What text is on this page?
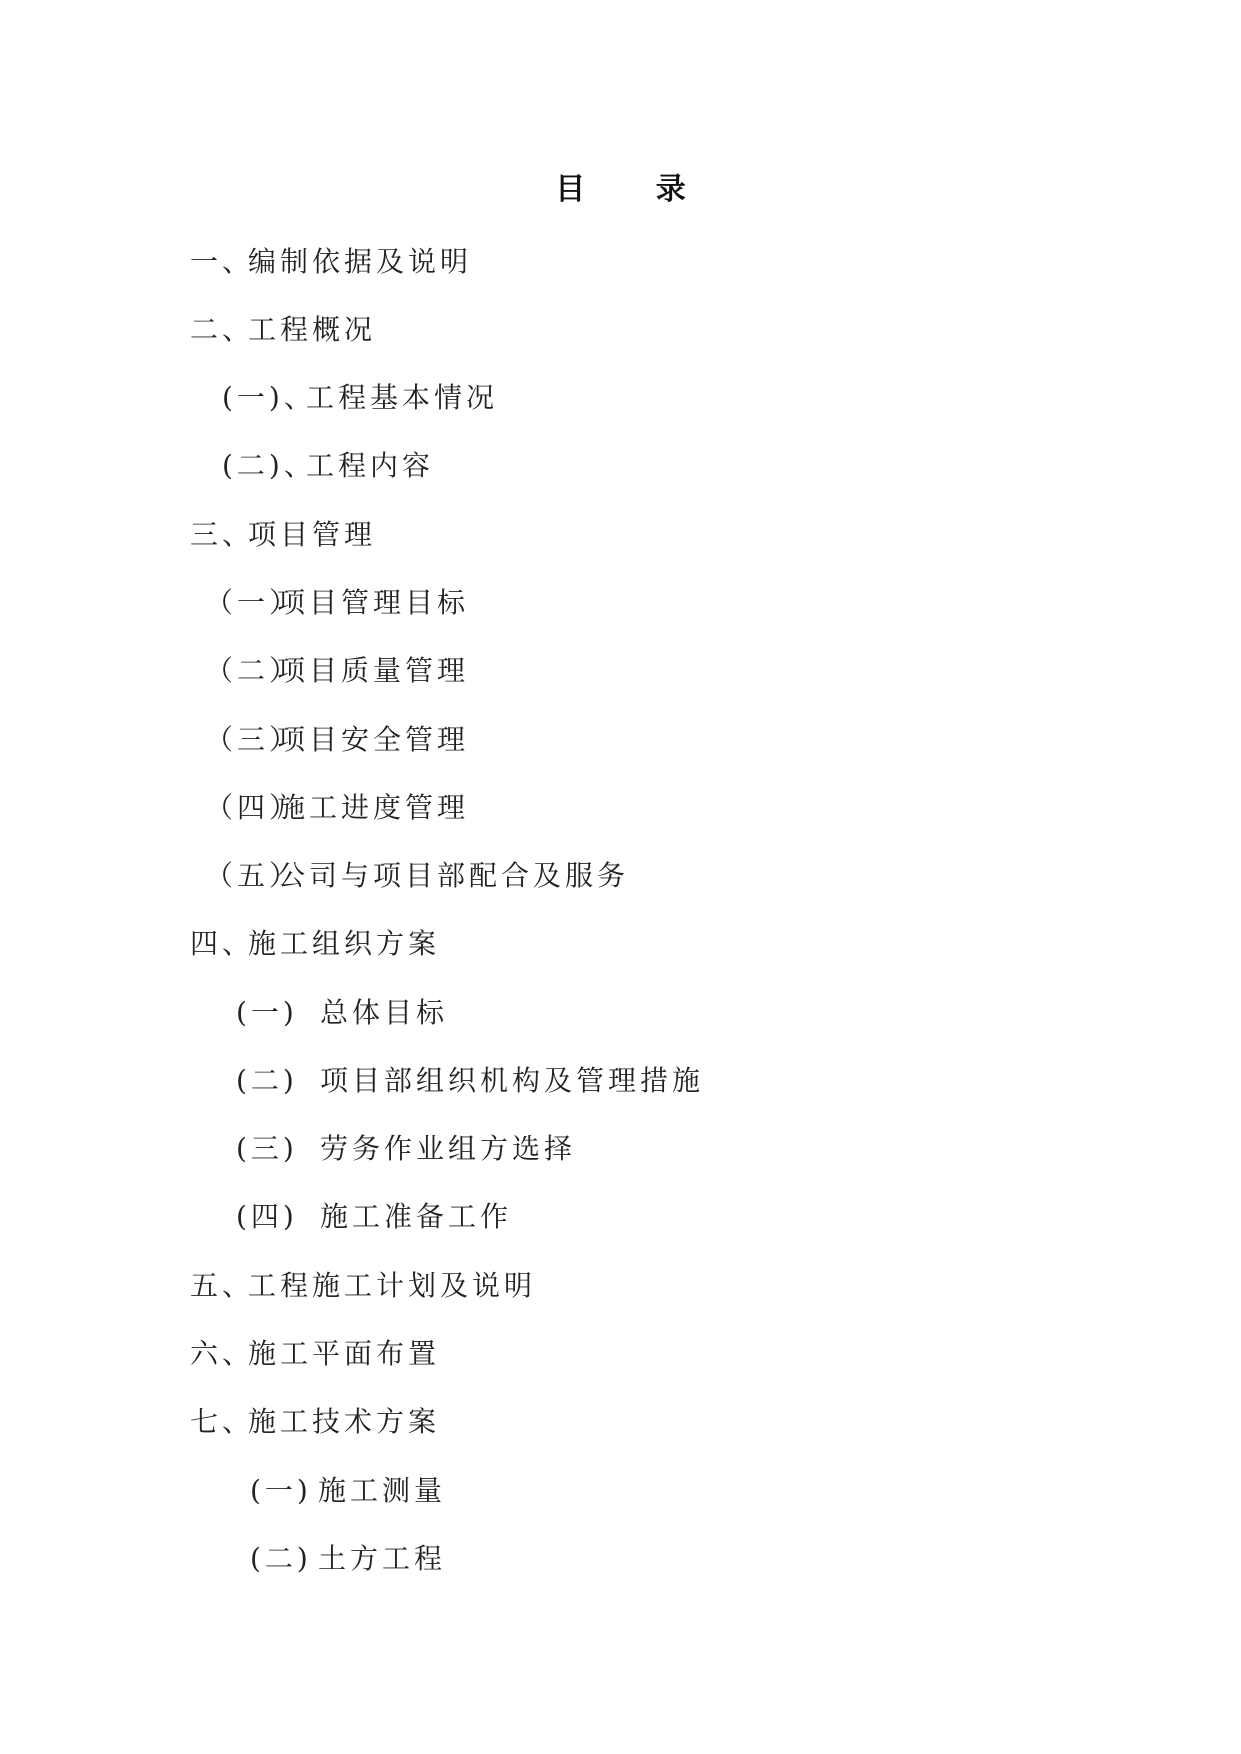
目 录
一、编制依据及说明
二、工程概况
(一)、工程基本情况
(二)、工程内容
三、项目管理
（一）项目管理目标
（二）项目质量管理
（三）项目安全管理
（四）施工进度管理
（五）公司与项目部配合及服务
四、施工组织方案
(一) 总体目标
(二) 项目部组织机构及管理措施
(三) 劳务作业组方选择
(四) 施工准备工作
五、工程施工计划及说明
六、施工平面布置
七、施工技术方案
(一) 施工测量
(二) 土方工程
